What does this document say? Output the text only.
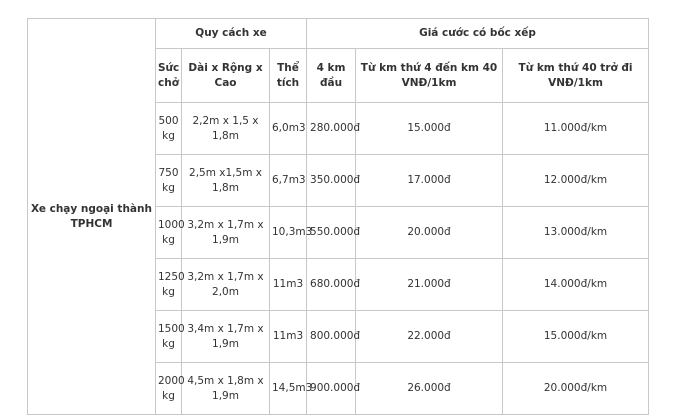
Xe chạy ngoại thành TPHCM	Quy cách xe			Giá cước có bốc xếp		
	Sức chở	Dài x Rộng x Cao	Thể tích	4 km đầu	Từ km thứ 4 đến km 40 VNĐ/1km	Từ km thứ 40 trở đi VNĐ/1km
	500 kg	2,2m x 1,5 x 1,8m	6,0m3	280.000đ	15.000đ	11.000đ/km
	750 kg	2,5m x1,5m x 1,8m	6,7m3	350.000đ	17.000đ	12.000đ/km
	1000 kg	3,2m x 1,7m x 1,9m	10,3m3	550.000đ	20.000đ	13.000đ/km
	1250 kg	3,2m x 1,7m x 2,0m	11m3	680.000đ	21.000đ	14.000đ/km
	1500 kg	3,4m x 1,7m x 1,9m	11m3	800.000đ	22.000đ	15.000đ/km
	2000 kg	4,5m x 1,8m x 1,9m	14,5m3	900.000đ	26.000đ	20.000đ/km
